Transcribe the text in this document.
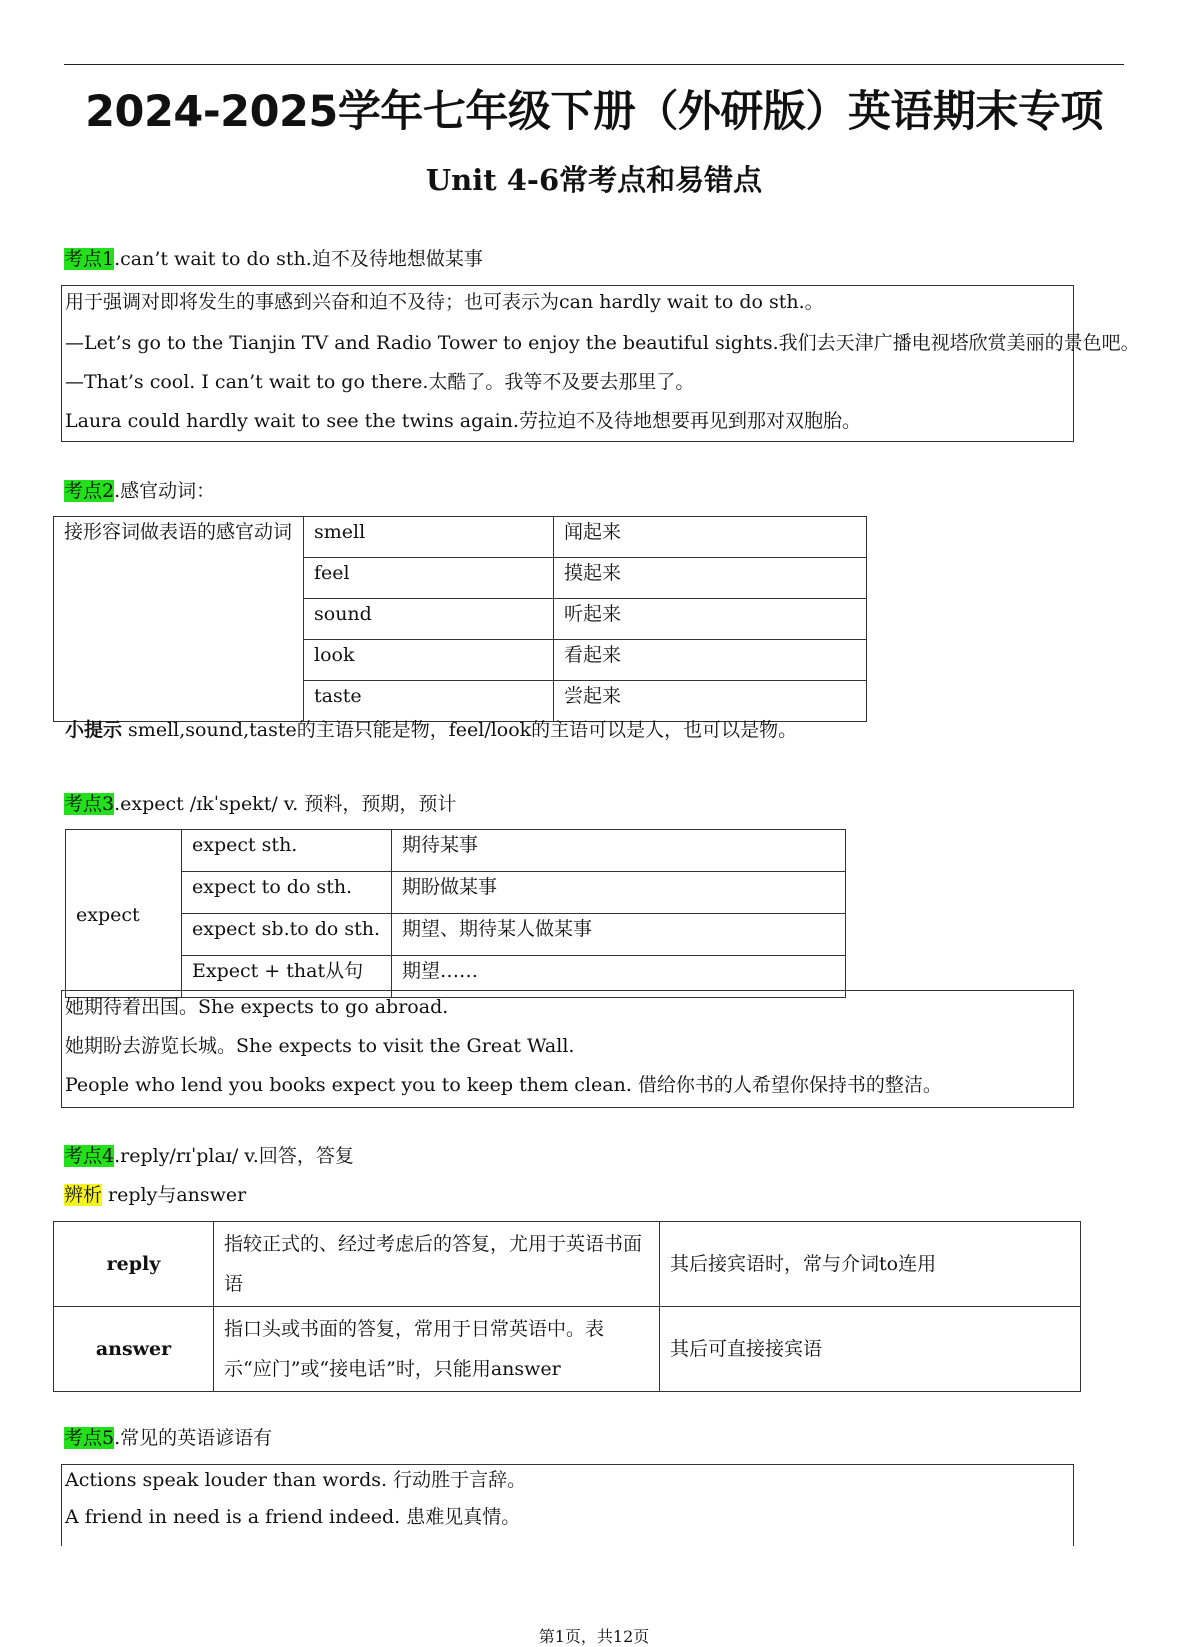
2024-2025学年七年级下册（外研版）英语期末专项
Unit 4-6常考点和易错点
考点1.can’t wait to do sth.迫不及待地想做某事
用于强调对即将发生的事感到兴奋和迫不及待；也可表示为can hardly wait to do sth.。
—Let’s go to the Tianjin TV and Radio Tower to enjoy the beautiful sights.我们去天津广播电视塔欣赏美丽的景色吧。
—That’s cool. I can’t wait to go there.太酷了。我等不及要去那里了。
Laura could hardly wait to see the twins again.劳拉迫不及待地想要再见到那对双胞胎。
考点2.感官动词：
接形容词做表语的感官动词	smell	闻起来
	feel	摸起来
	sound	听起来
	look	看起来
	taste	尝起来
小提示 smell,sound,taste的主语只能是物，feel/look的主语可以是人，也可以是物。
考点3.expect /ɪkˈspekt/ v. 预料，预期，预计
expect	expect sth.	期待某事
	expect to do sth.	期盼做某事
	expect sb.to do sth.	期望、期待某人做某事
	Expect + that从句	期望……
她期待着出国。She expects to go abroad.
她期盼去游览长城。She expects to visit the Great Wall.
People who lend you books expect you to keep them clean. 借给你书的人希望你保持书的整洁。
考点4.reply/rɪˈplaɪ/ v.回答，答复
辨析 reply与answer
reply	指较正式的、经过考虑后的答复，尤用于英语书面语	其后接宾语时，常与介词to连用
answer	指口头或书面的答复，常用于日常英语中。表示“应门”或“接电话”时，只能用answer	其后可直接接宾语
考点5.常见的英语谚语有
Actions speak louder than words. 行动胜于言辞。
A friend in need is a friend indeed. 患难见真情。
第1页，共12页
